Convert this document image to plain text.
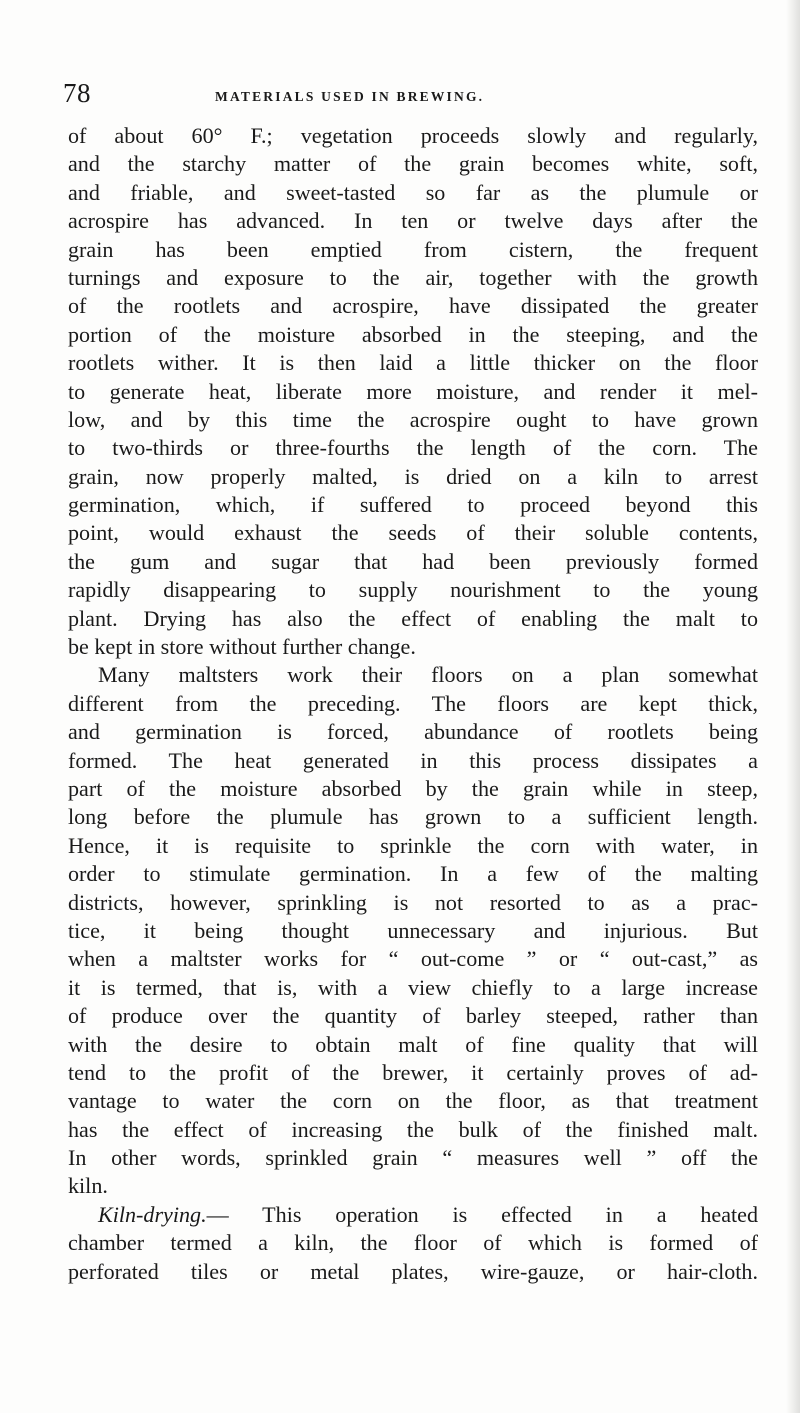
78	MATERIALS USED IN BREWING.
of about 60° F.; vegetation proceeds slowly and regularly,
and the starchy matter of the grain becomes white, soft,
and friable, and sweet-tasted so far as the plumule or
acrospire has advanced. In ten or twelve days after the
grain has been emptied from cistern, the frequent
turnings and exposure to the air, together with the growth
of the rootlets and acrospire, have dissipated the greater
portion of the moisture absorbed in the steeping, and the
rootlets wither. It is then laid a little thicker on the floor
to generate heat, liberate more moisture, and render it mel-
low, and by this time the acrospire ought to have grown
to two-thirds or three-fourths the length of the corn. The
grain, now properly malted, is dried on a kiln to arrest
germination, which, if suffered to proceed beyond this
point, would exhaust the seeds of their soluble contents,
the gum and sugar that had been previously formed
rapidly disappearing to supply nourishment to the young
plant. Drying has also the effect of enabling the malt to
be kept in store without further change.
Many maltsters work their floors on a plan somewhat
different from the preceding. The floors are kept thick,
and germination is forced, abundance of rootlets being
formed. The heat generated in this process dissipates a
part of the moisture absorbed by the grain while in steep,
long before the plumule has grown to a sufficient length.
Hence, it is requisite to sprinkle the corn with water, in
order to stimulate germination. In a few of the malting
districts, however, sprinkling is not resorted to as a prac-
tice, it being thought unnecessary and injurious. But
when a maltster works for “ out-come ” or “ out-cast,” as
it is termed, that is, with a view chiefly to a large increase
of produce over the quantity of barley steeped, rather than
with the desire to obtain malt of fine quality that will
tend to the profit of the brewer, it certainly proves of ad-
vantage to water the corn on the floor, as that treatment
has the effect of increasing the bulk of the finished malt.
In other words, sprinkled grain “ measures well ” off the
kiln.
Kiln-drying.— This operation is effected in a heated
chamber termed a kiln, the floor of which is formed of
perforated tiles or metal plates, wire-gauze, or hair-cloth.
